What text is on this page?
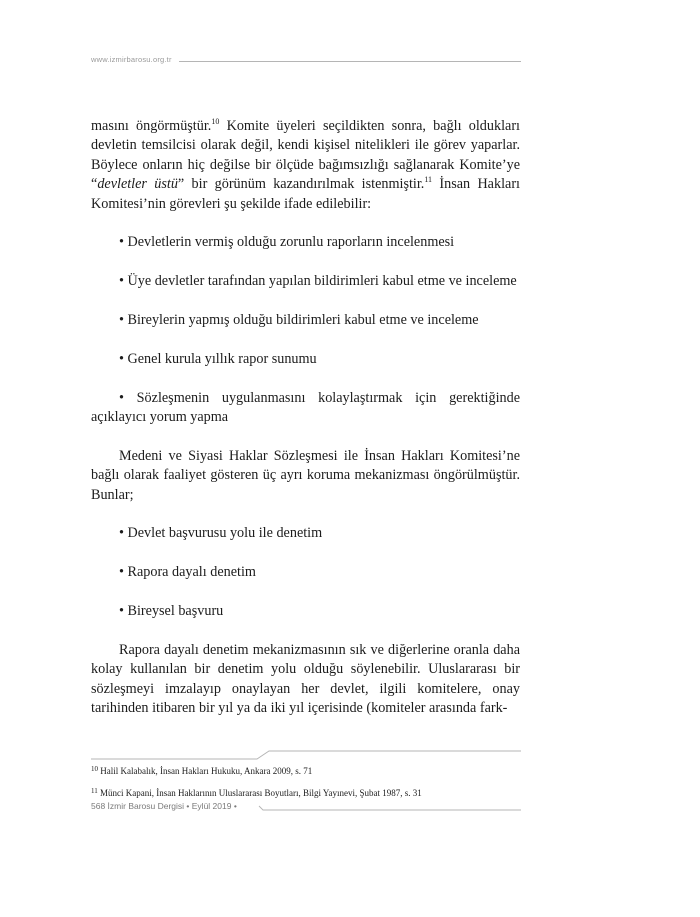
www.izmirbarosu.org.tr

masını öngörmüştür.$^{10}$ Komite üyeleri seçildikten sonra, bağlı oldukları devletin temsilcisi olarak değil, kendi kişisel nitelikleri ile görev yaparlar. Böylece onların hiç değilse bir ölçüde bağımsızlığı sağlanarak Komite’ye “devletler üstü” bir görünüm kazandırılmak istenmiştir.$^{11}$ İnsan Hakları Komitesi’nin görevleri şu şekilde ifade edilebilir:

• Devletlerin vermiş olduğu zorunlu raporların incelenmesi

• Üye devletler tarafından yapılan bildirimleri kabul etme ve inceleme

• Bireylerin yapmış olduğu bildirimleri kabul etme ve inceleme

• Genel kurula yıllık rapor sunumu

• Sözleşmenin uygulanmasını kolaylaştırmak için gerektiğinde açıklayıcı yorum yapma

Medeni ve Siyasi Haklar Sözleşmesi ile İnsan Hakları Komitesi’ne bağlı olarak faaliyet gösteren üç ayrı koruma mekanizması öngörülmüştür. Bunlar;

• Devlet başvurusu yolu ile denetim

• Rapora dayalı denetim

• Bireysel başvuru

Rapora dayalı denetim mekanizmasının sık ve diğerlerine oranla daha kolay kullanılan bir denetim yolu olduğu söylenebilir. Uluslararası bir sözleşmeyi imzalayıp onaylayan her devlet, ilgili komitelere, onay tarihinden itibaren bir yıl ya da iki yıl içerisinde (komiteler arasında fark-

$^{10}$ Halil Kalabalık, İnsan Hakları Hukuku, Ankara 2009, s. 71

$^{11}$ Münci Kapani, İnsan Haklarının Uluslararası Boyutları, Bilgi Yayınevi, Şubat 1987, s. 31

568 İzmir Barosu Dergisi • Eylül 2019 •
